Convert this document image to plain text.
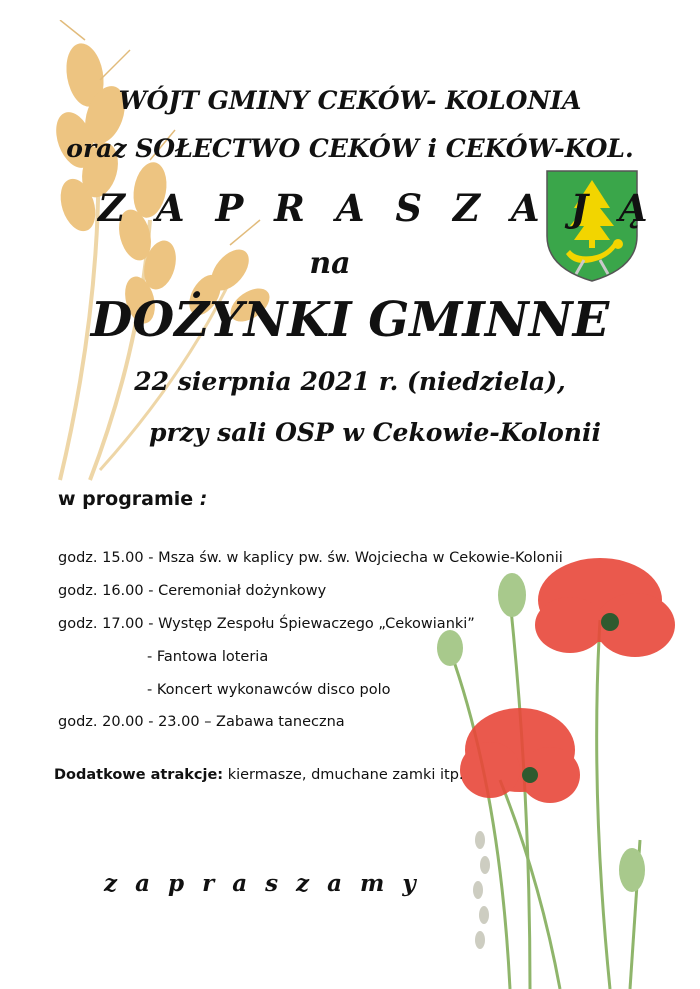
WÓJT GMINY CEKÓW- KOLONIA
oraz SOŁECTWO CEKÓW i CEKÓW-KOL.
Z A P R A S Z A J Ą
na
DOŻYNKI GMINNE
22 sierpnia 2021 r. (niedziela),
przy sali OSP w Cekowie-Kolonii
w programie :
godz. 15.00 - Msza św. w kaplicy pw. św. Wojciecha w Cekowie-Kolonii
godz. 16.00 - Ceremoniał dożynkowy
godz. 17.00 - Występ Zespołu Śpiewaczego „Cekowianki”
- Fantowa loteria
- Koncert wykonawców disco polo
godz. 20.00 - 23.00 – Zabawa taneczna
Dodatkowe atrakcje: kiermasze, dmuchane zamki itp.
z a p r a s z a m y
